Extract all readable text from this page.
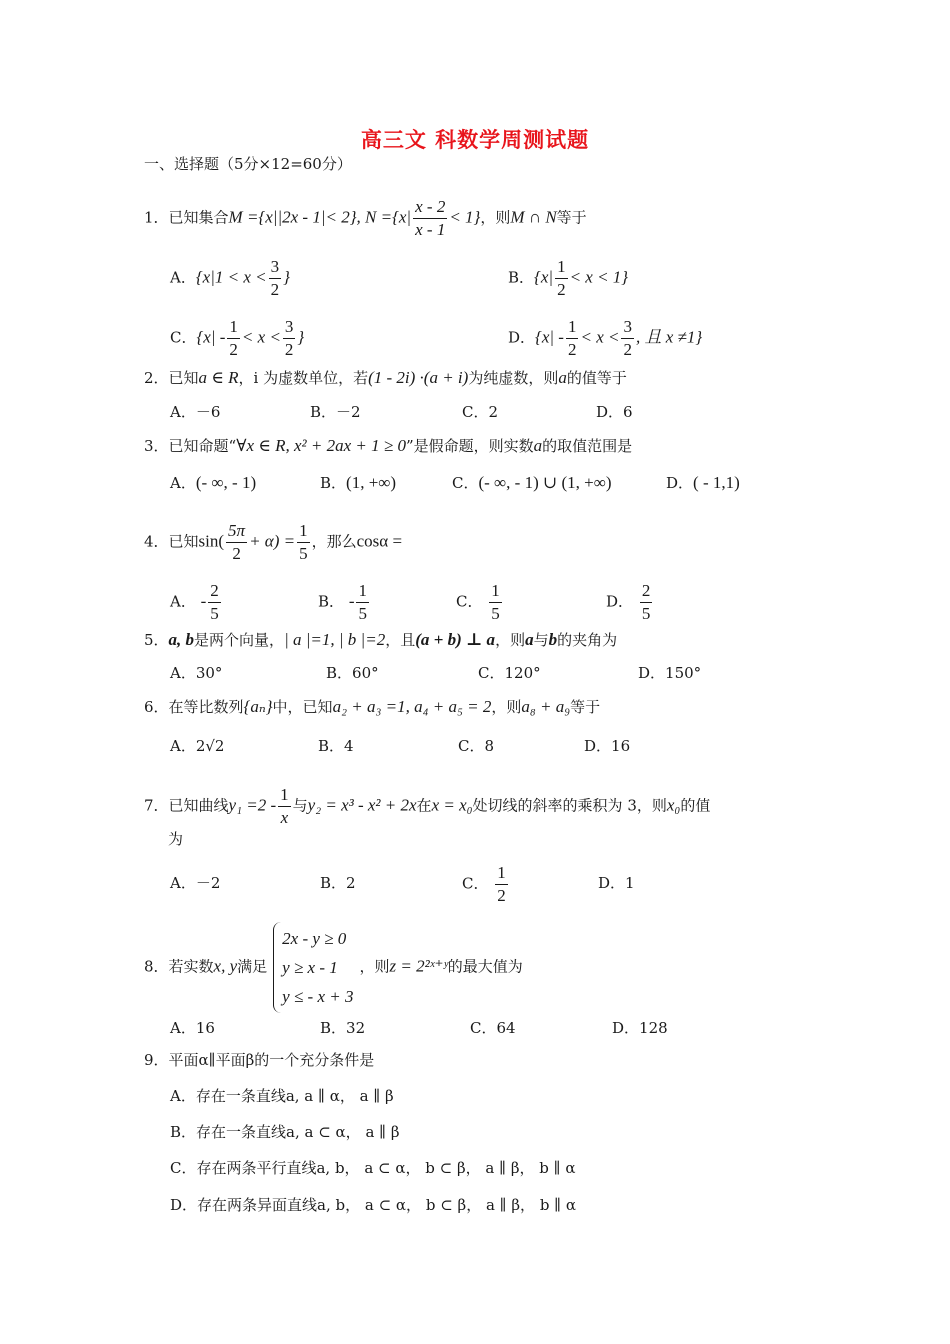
高三文 科数学周测试题
一、选择题（5分×12=60分）
1．已知集合M ={x||2x - 1|< 2}, $N =\{x| \frac{x - 2}{x - 1} < 1\}$，则M ∩ N等于
A．{$x|1 < x < \frac{3}{2}$ }	B．$\{x| \frac{1}{2} < x < 1\}$
C．{$x| - \frac{1}{2} < x < \frac{3}{2}$ }	D．{$x| - \frac{1}{2} < x < \frac{3}{2}$ , 且 x ≠1}
2．已知a ∈ R，i 为虚数单位，若(1 - 2i) ·(a + i)为纯虚数，则a的值等于
A．－6	B．－2	C．2	D．6
3．已知命题“∀x ∈ R, x² + 2ax + 1 ≥ 0”是假命题，则实数a的取值范围是
A．(- ∞, - 1)	B．(1, +∞)	C．(- ∞, - 1) ∪ (1, +∞)	D．( - 1,1)
4．已知$\sin( \frac{5\pi}{2} + \alpha) = \frac{1}{5}$ ，那么cosα =
A． - $\frac{2}{5}$	B． - $\frac{1}{5}$	C． $\frac{1}{5}$	D． $\frac{2}{5}$
5．a, b是两个向量，| a |=1, | b |=2，且(a + b) ⊥ a，则a与b的夹角为
A．30°	B．60°	C．120°	D．150°
6．在等比数列{aₙ}中，已知a₂ + a₃ =1, a₄ + a₅ = 2，则a₈ + a₉等于
A．2√2	B．4	C．8	D．16
7．已知曲线$y_1 =2 - \frac{1}{x}$ 与y₂ = x³ - x² + 2x在x = x₀处切线的斜率的乘积为 3，则x₀的值
为
A．－2	B．2	C． $\frac{1}{2}$	D．1
8．若实数x, y满足
2x - y ≥ 0
y ≥ x - 1
y ≤ - x + 3
，则z = 2²ˣ⁺ʸ的最大值为
A．16	B．32	C．64	D．128
9．平面α∥平面β的一个充分条件是
A．存在一条直线a, a ∥ α， a ∥ β
B．存在一条直线a, a ⊂ α， a ∥ β
C．存在两条平行直线a, b， a ⊂ α， b ⊂ β， a ∥ β， b ∥ α
D．存在两条异面直线a, b， a ⊂ α， b ⊂ β， a ∥ β， b ∥ α
